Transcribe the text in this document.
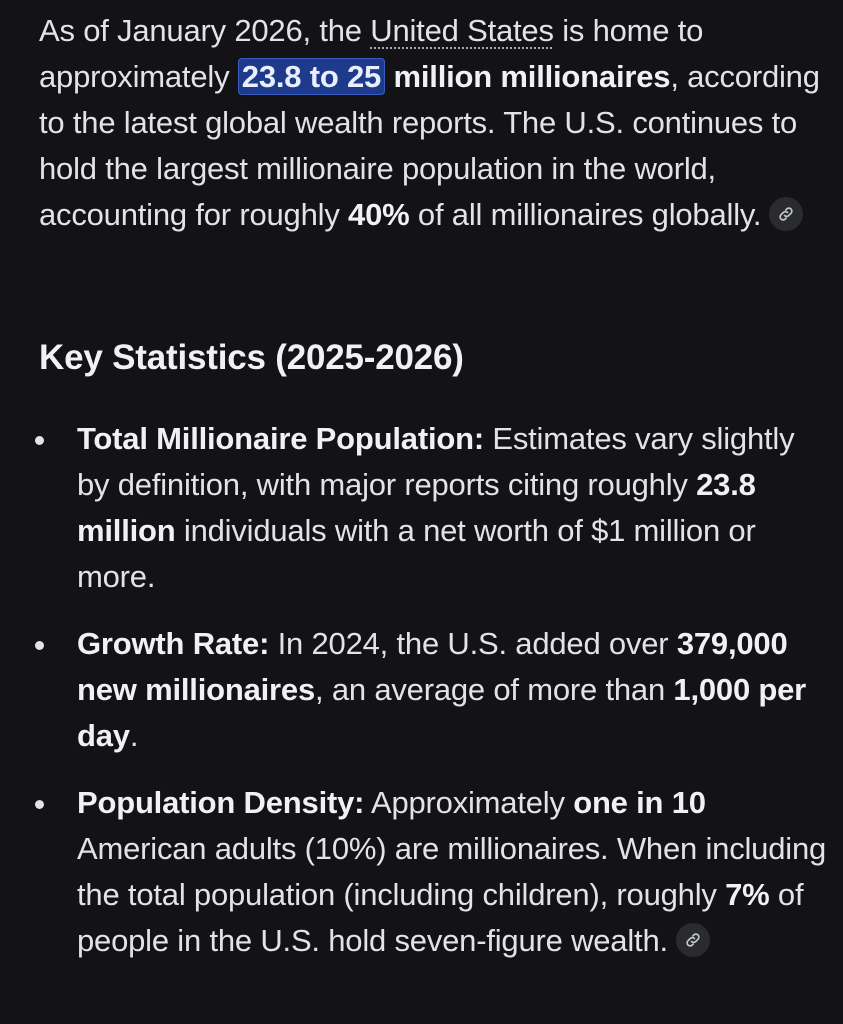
As of January 2026, the United States is home to approximately 23.8 to 25 million millionaires, according to the latest global wealth reports. The U.S. continues to hold the largest millionaire population in the world, accounting for roughly 40% of all millionaires globally.

Key Statistics (2025-2026)
Total Millionaire Population: Estimates vary slightly by definition, with major reports citing roughly 23.8 million individuals with a net worth of $1 million or more.
Growth Rate: In 2024, the U.S. added over 379,000 new millionaires, an average of more than 1,000 per day.
Population Density: Approximately one in 10 American adults (10%) are millionaires. When including the total population (including children), roughly 7% of people in the U.S. hold seven-figure wealth.
